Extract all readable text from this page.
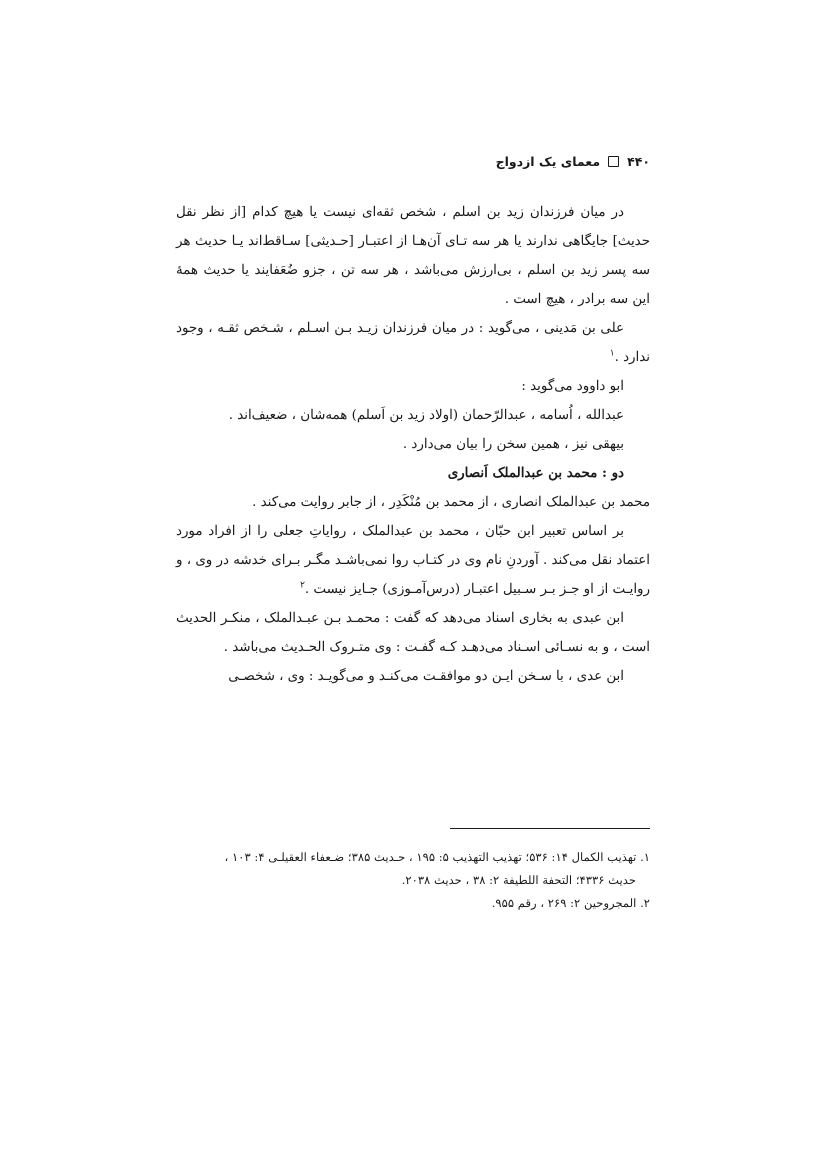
۴۴۰
معمای یک ازدواج

در میان فرزندان زید بن اسلم ، شخص ثقه‌ای نیست یا هیچ کدام [از نظر نقل حدیث] جایگاهی ندارند یا هر سه تـای آن‌هـا از اعتبـار [حـدیثی] سـاقط‌اند یـا حدیث هر سه پسر زید بن اسلم ، بی‌ارزش می‌باشد ، هر سه تن ، جزو ضُعَفایند یا حدیث همهٔ این سه برادر ، هیچ است .

علی بن مَدینی ، می‌گوید : در میان فرزندان زیـد بـن اسـلم ، شـخص ثقـه ، وجود ندارد .$^۱$

ابو داوود می‌گوید :

عبدالله ، اُسامه ، عبدالرّحمان (اولاد زید بن اَسلم) همه‌شان ، ضعیف‌اند .

بیهقی نیز ، همین سخن را بیان می‌دارد .

دو : محمد بن عبدالملک اَنصاری

محمد بن عبدالملک انصاری ، از محمد بن مُنْکَدِر ، از جابر روایت می‌کند .

بر اساس تعبیر ابن حبّان ، محمد بن عبدالملک ، روایاتِ جعلی را از افراد مورد اعتماد نقل می‌کند . آوردنِ نام وی در کتـاب روا نمی‌باشـد مگـر بـرای خدشه در وی ، و روایـت از او جـز بـر سـبیل اعتبـار (درس‌آمـوزی) جـایز نیست .$^۲$

ابن عبدی به بخاری اسناد می‌دهد که گفت : محمـد بـن عبـدالملک ، منکـر الحدیث است ، و به نسـائی اسـناد می‌دهـد کـه گفـت : وی متـروک الحـدیث می‌باشد .

ابن عدی ، با سـخن ایـن دو موافقـت می‌کنـد و می‌گویـد : وی ، شخصـی

۱. تهذیب الکمال ۱۴: ۵۳۶؛ تهذیب التهذیب ۵: ۱۹۵ ، حـدیث ۳۸۵؛ ضـعفاء العقیلـی ۴: ۱۰۳ ،

حدیث ۴۳۳۶؛ التحفة اللطیفة ۲: ۳۸ ، حدیث ۲۰۳۸.

۲. المجروحین ۲: ۲۶۹ ، رقم ۹۵۵.
